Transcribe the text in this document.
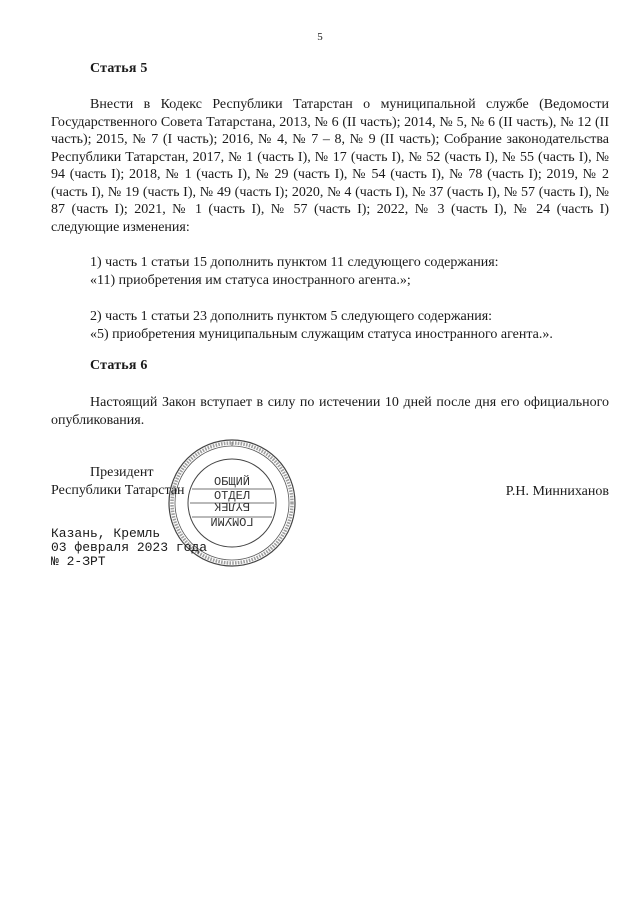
5
Статья 5

Внести в Кодекс Республики Татарстан о муниципальной службе (Ведомости Государственного Совета Татарстана, 2013, № 6 (II часть); 2014, № 5, № 6 (II часть), № 12 (II часть); 2015, № 7 (I часть); 2016, № 4, № 7 – 8, № 9 (II часть); Собрание законодательства Республики Татарстан, 2017, № 1 (часть I), № 17 (часть I), № 52 (часть I), № 55 (часть I), № 94 (часть I); 2018, № 1 (часть I), № 29 (часть I), № 54 (часть I), № 78 (часть I); 2019, № 2 (часть I), № 19 (часть I), № 49 (часть I); 2020, № 4 (часть I), № 37 (часть I), № 57 (часть I), № 87 (часть I); 2021, № 1 (часть I), № 57 (часть I); 2022, № 3 (часть I), № 24 (часть I) следующие изменения:

1) часть 1 статьи 15 дополнить пунктом 11 следующего содержания:
«11) приобретения им статуса иностранного агента.»;
2) часть 1 статьи 23 дополнить пунктом 5 следующего содержания:
«5) приобретения муниципальным служащим статуса иностранного агента.».
Статья 6

Настоящий Закон вступает в силу по истечении 10 дней после дня его официального опубликования.

ОБЩИЙ
ОТДЕЛ
БҮЛЕК
ГОМУМИ
Президент
Республики Татарстан	Р.Н. Минниханов
Казань, Кремль
03 февраля 2023 года
№ 2-ЗРТ
